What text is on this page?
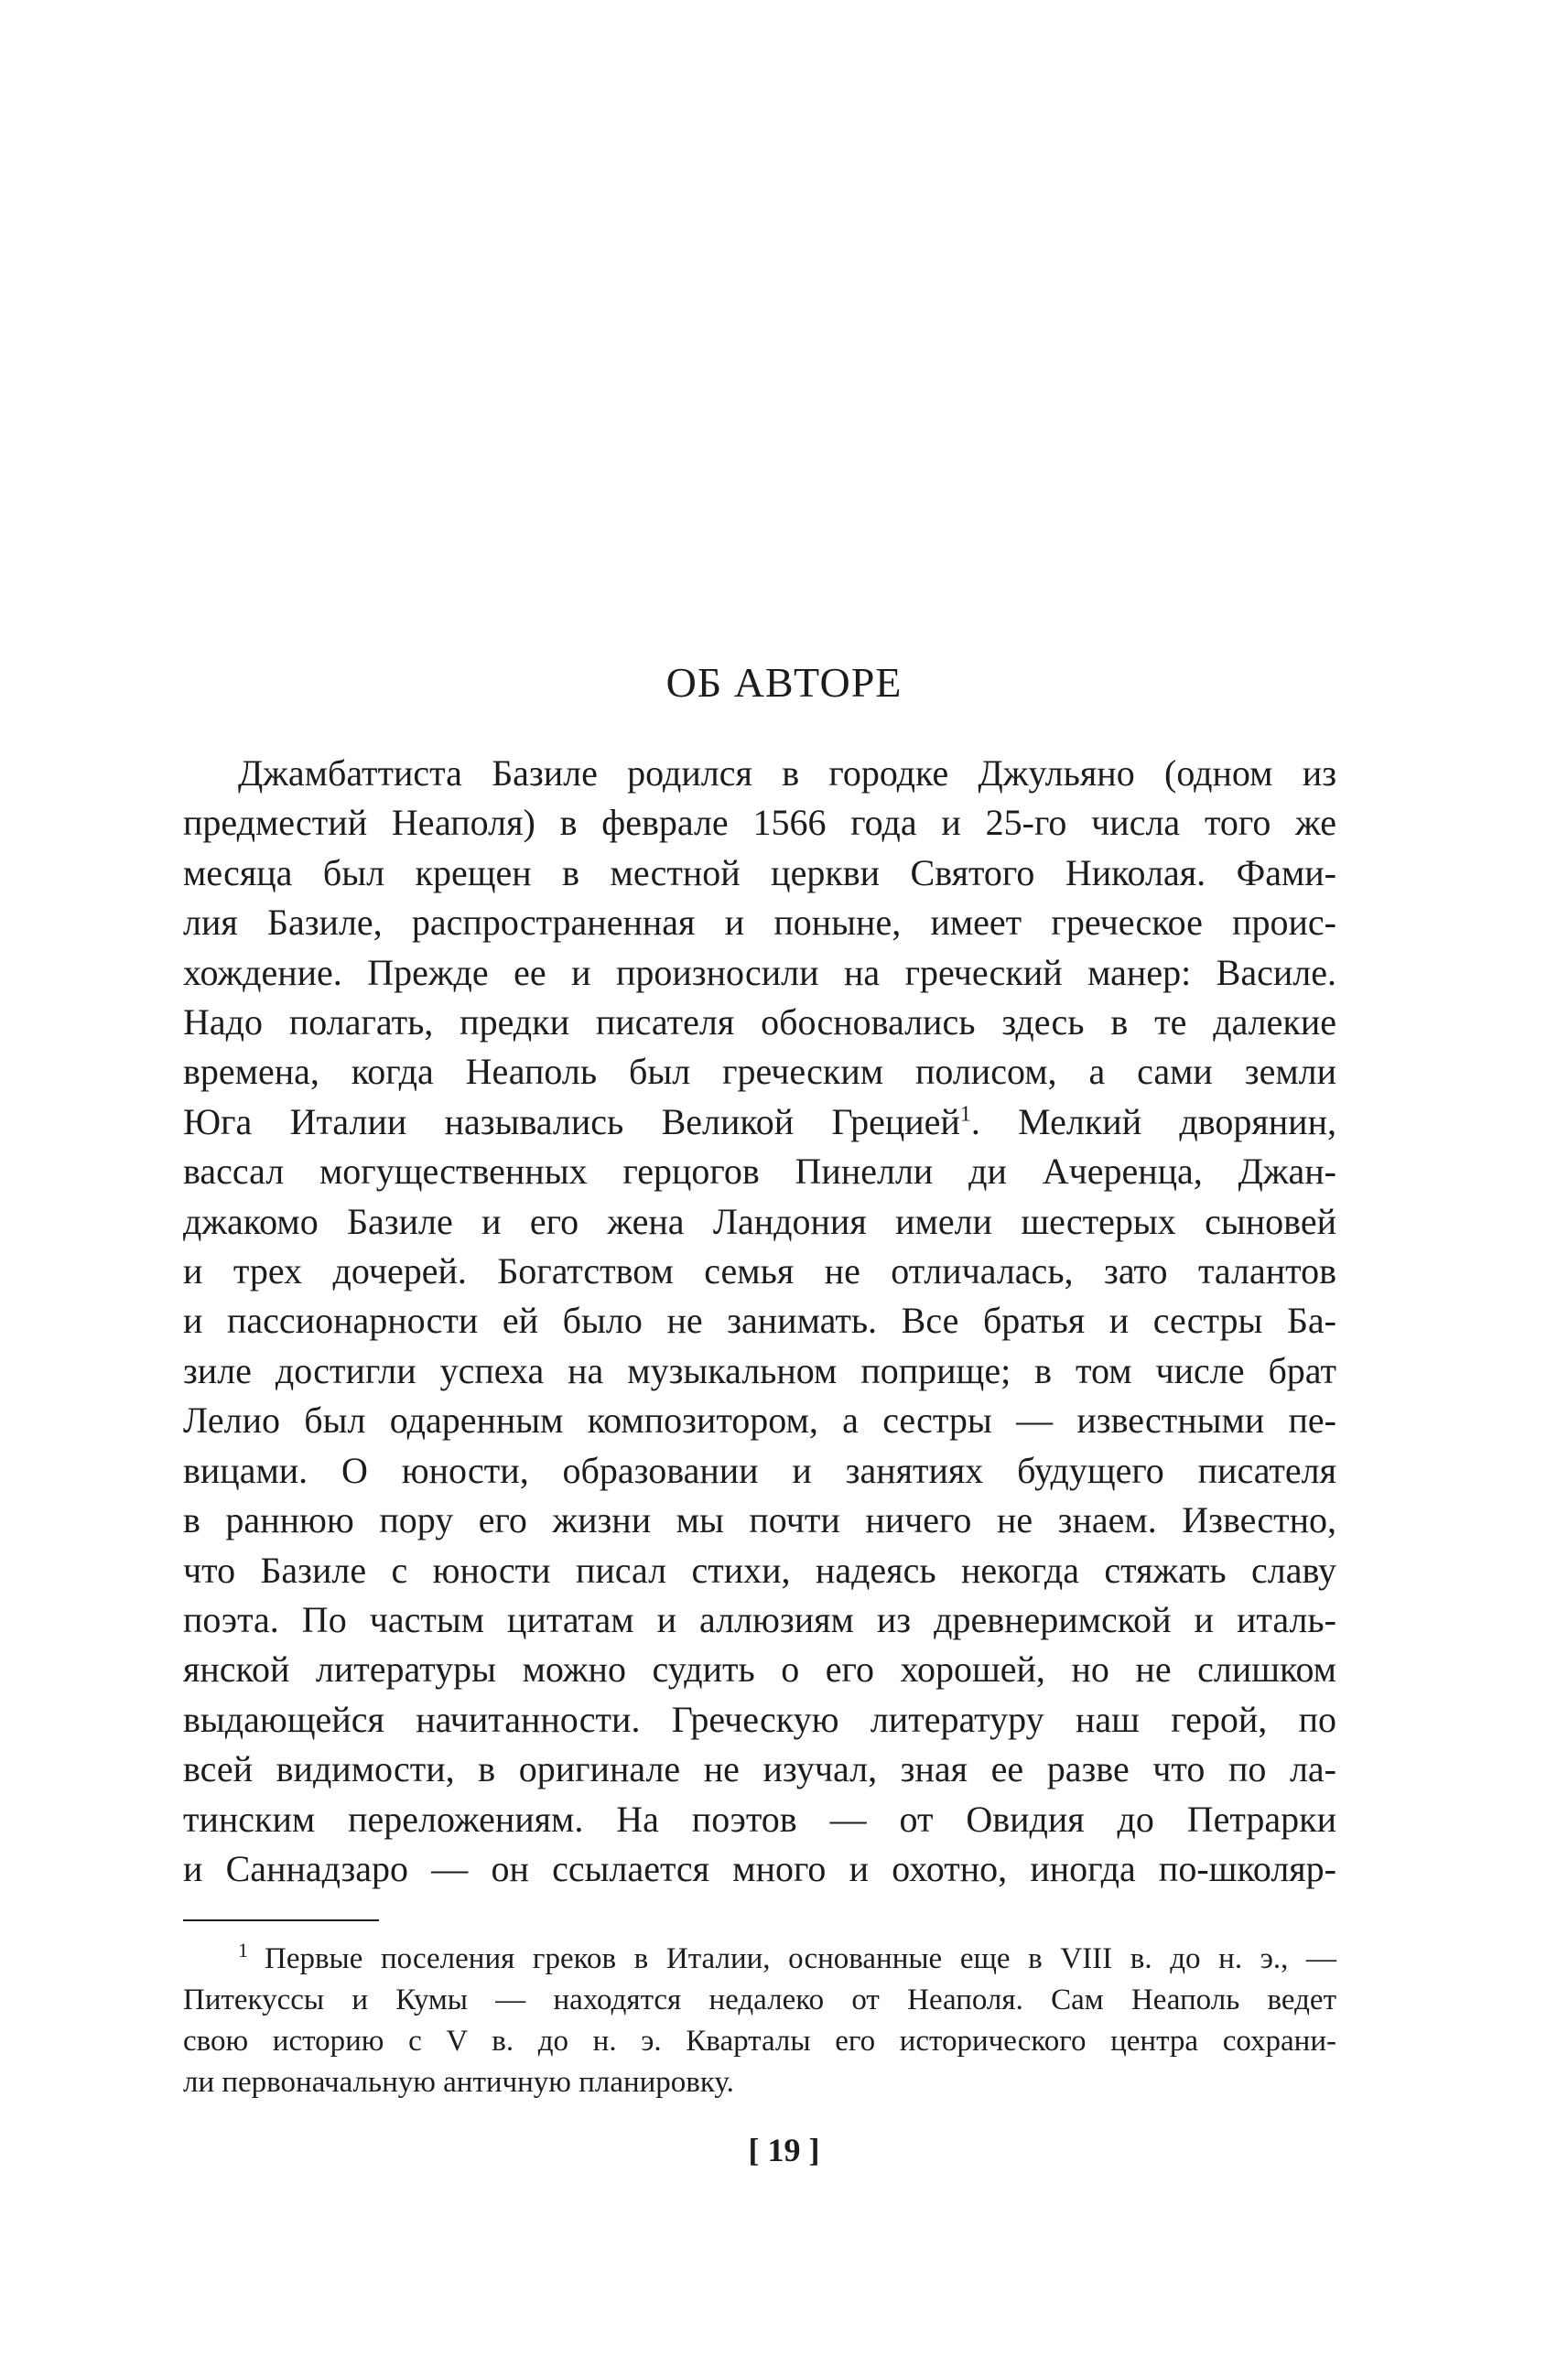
ОБ АВТОРЕ
Джамбаттиста Базиле родился в городке Джульяно (одном из
предместий Неаполя) в феврале 1566 года и 25-го числа того же
месяца был крещен в местной церкви Святого Николая. Фами-
лия Базиле, распространенная и поныне, имеет греческое проис-
хождение. Прежде ее и произносили на греческий манер: Василе.
Надо полагать, предки писателя обосновались здесь в те далекие
времена, когда Неаполь был греческим полисом, а сами земли
Юга Италии назывались Великой Грецией$^1$. Мелкий дворянин,
вассал могущественных герцогов Пинелли ди Ачеренца, Джан-
джакомо Базиле и его жена Ландония имели шестерых сыновей
и трех дочерей. Богатством семья не отличалась, зато талантов
и пассионарности ей было не занимать. Все братья и сестры Ба-
зиле достигли успеха на музыкальном поприще; в том числе брат
Лелио был одаренным композитором, а сестры — известными пе-
вицами. О юности, образовании и занятиях будущего писателя
в раннюю пору его жизни мы почти ничего не знаем. Известно,
что Базиле с юности писал стихи, надеясь некогда стяжать славу
поэта. По частым цитатам и аллюзиям из древнеримской и италь-
янской литературы можно судить о его хорошей, но не слишком
выдающейся начитанности. Греческую литературу наш герой, по
всей видимости, в оригинале не изучал, зная ее разве что по ла-
тинским переложениям. На поэтов — от Овидия до Петрарки
и Саннадзаро — он ссылается много и охотно, иногда по-школяр-
$^1$ Первые поселения греков в Италии, основанные еще в VIII в. до н. э., —
Питекуссы и Кумы — находятся недалеко от Неаполя. Сам Неаполь ведет
свою историю с V в. до н. э. Кварталы его исторического центра сохрани-
ли первоначальную античную планировку.
[ 19 ]
